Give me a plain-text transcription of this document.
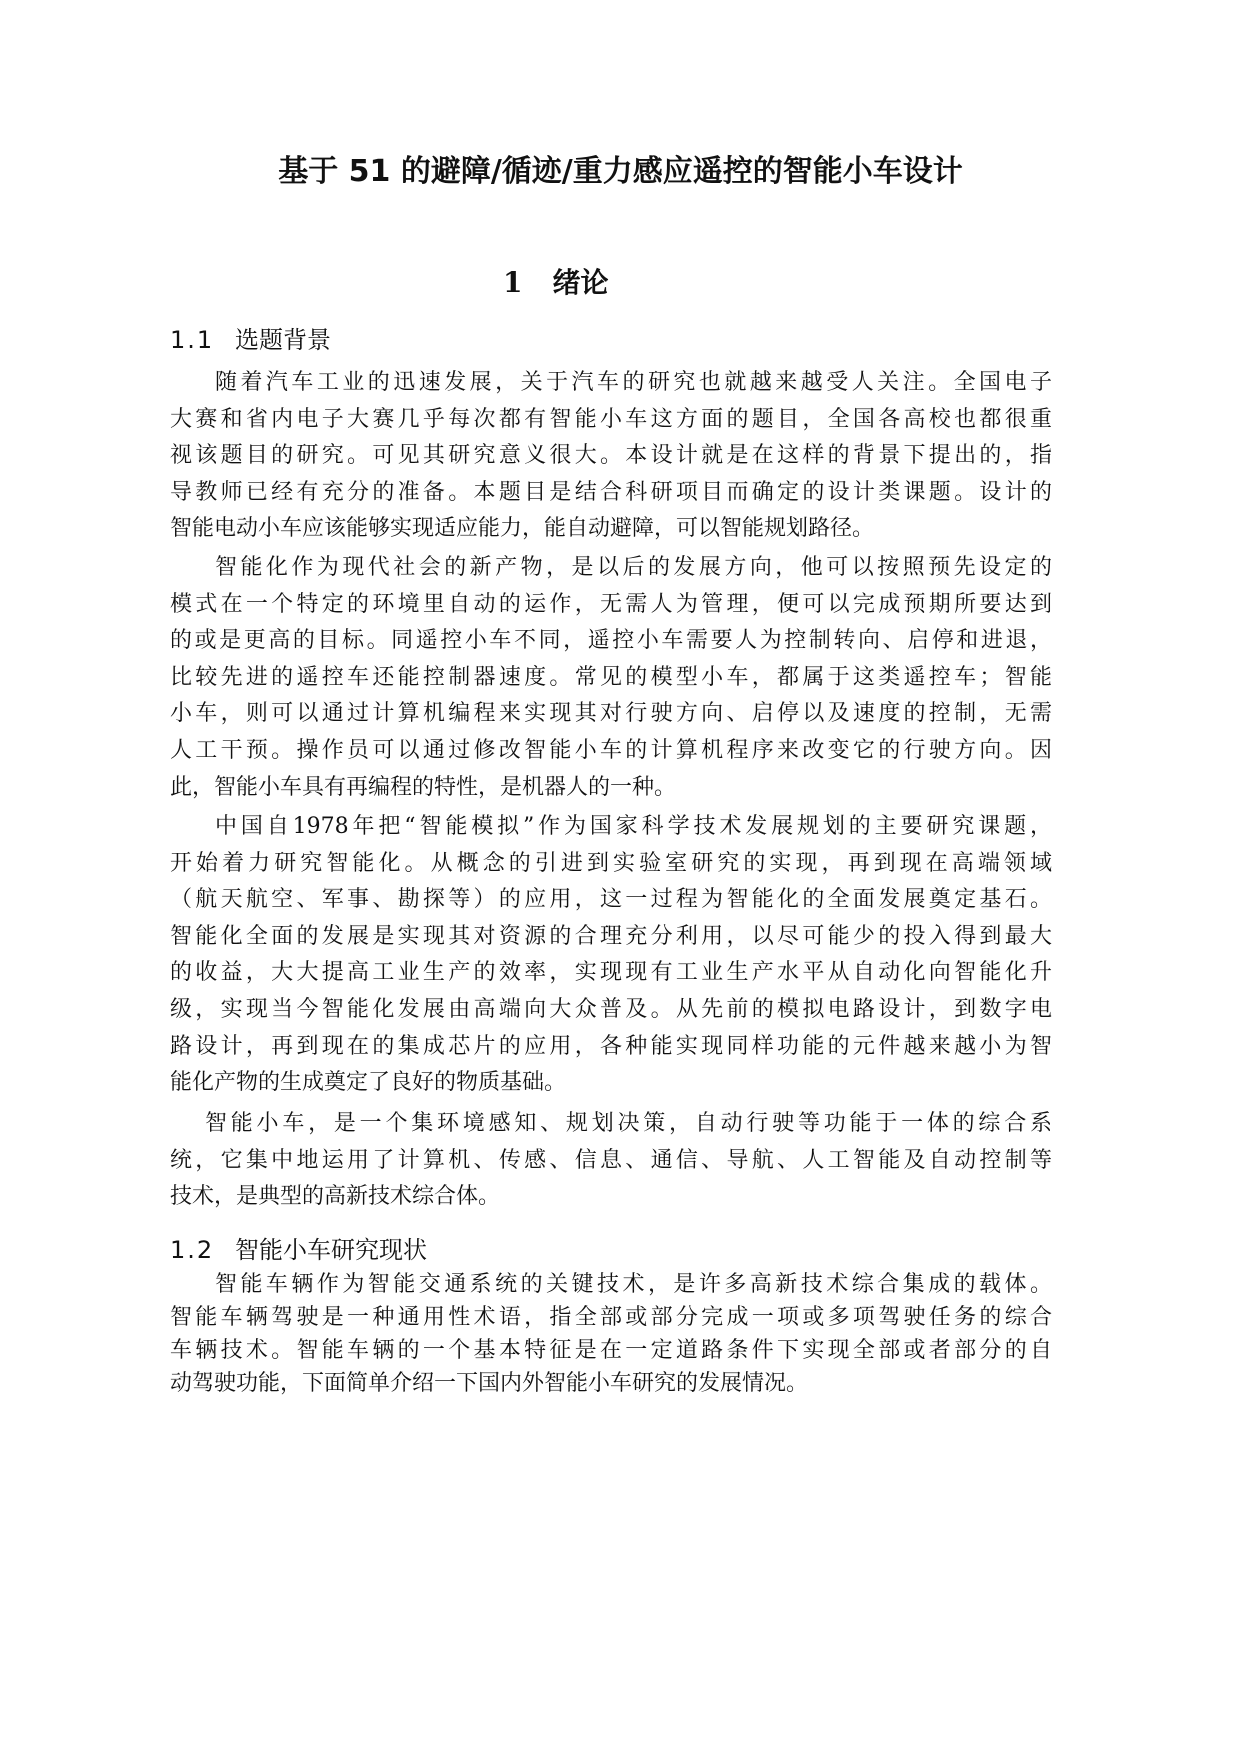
基于 51 的避障/循迹/重力感应遥控的智能小车设计
1 绪论
1.1 选题背景
随着汽车工业的迅速发展，关于汽车的研究也就越来越受人关注。全国电子
大赛和省内电子大赛几乎每次都有智能小车这方面的题目，全国各高校也都很重
视该题目的研究。可见其研究意义很大。本设计就是在这样的背景下提出的，指
导教师已经有充分的准备。本题目是结合科研项目而确定的设计类课题。设计的
智能电动小车应该能够实现适应能力，能自动避障，可以智能规划路径。
智能化作为现代社会的新产物，是以后的发展方向，他可以按照预先设定的
模式在一个特定的环境里自动的运作，无需人为管理，便可以完成预期所要达到
的或是更高的目标。同遥控小车不同，遥控小车需要人为控制转向、启停和进退，
比较先进的遥控车还能控制器速度。常见的模型小车，都属于这类遥控车；智能
小车，则可以通过计算机编程来实现其对行驶方向、启停以及速度的控制，无需
人工干预。操作员可以通过修改智能小车的计算机程序来改变它的行驶方向。因
此，智能小车具有再编程的特性，是机器人的一种。
中国自1978年把“智能模拟”作为国家科学技术发展规划的主要研究课题，
开始着力研究智能化。从概念的引进到实验室研究的实现，再到现在高端领域
（航天航空、军事、勘探等）的应用，这一过程为智能化的全面发展奠定基石。
智能化全面的发展是实现其对资源的合理充分利用，以尽可能少的投入得到最大
的收益，大大提高工业生产的效率，实现现有工业生产水平从自动化向智能化升
级，实现当今智能化发展由高端向大众普及。从先前的模拟电路设计，到数字电
路设计，再到现在的集成芯片的应用，各种能实现同样功能的元件越来越小为智
能化产物的生成奠定了良好的物质基础。
智能小车，是一个集环境感知、规划决策，自动行驶等功能于一体的综合系
统，它集中地运用了计算机、传感、信息、通信、导航、人工智能及自动控制等
技术，是典型的高新技术综合体。
1.2 智能小车研究现状
智能车辆作为智能交通系统的关键技术，是许多高新技术综合集成的载体。
智能车辆驾驶是一种通用性术语，指全部或部分完成一项或多项驾驶任务的综合
车辆技术。智能车辆的一个基本特征是在一定道路条件下实现全部或者部分的自
动驾驶功能，下面简单介绍一下国内外智能小车研究的发展情况。
